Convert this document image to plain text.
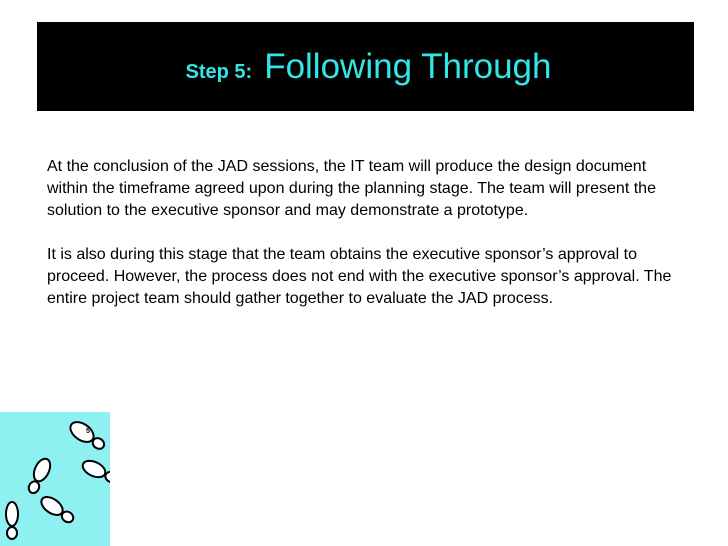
Step 5: Following Through

At the conclusion of the JAD sessions, the IT team will produce the design document within the timeframe agreed upon during the planning stage. The team will present the solution to the executive sponsor and may demonstrate a prototype.

It is also during this stage that the team obtains the executive sponsor’s approval to proceed. However, the process does not end with the executive sponsor’s approval. The entire project team should gather together to evaluate the JAD process.

5
